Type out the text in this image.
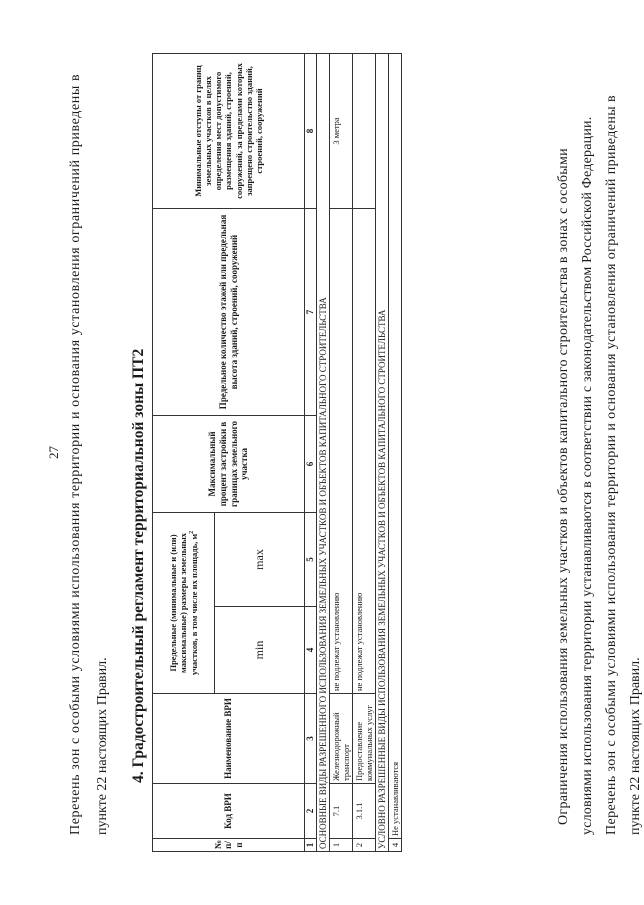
27 Перечень зон с особыми условиями использования территории и основания установления ограничений приведены в пункте 22 настоящих Правил. 4. Градостроительный регламент территориальной зоны ПТ2
№ п/п	Код ВРИ	Наименование ВРИ	Предельные (минимальные и (или) максимальные) размеры земельных участков, в том числе их площадь, $м^2$		Максимальный процент застройки в границах земельного участка	Предельное количество этажей или предельная высота зданий, строений, сооружений	Минимальные отступы от границ земельных участков в целях определения мест допустимого размещения зданий, строений, сооружений, за пределами которых запрещено строительство зданий, строений, сооружений
			min	max			
1	2	3	4	5	6	7	8
ОСНОВНЫЕ ВИДЫ РАЗРЕШЕННОГО ИСПОЛЬЗОВАНИЯ ЗЕМЕЛЬНЫХ УЧАСТКОВ И ОБЪЕКТОВ КАПИТАЛЬНОГО СТРОИТЕЛЬСТВА							
1	7.1	Железнодорожный транспорт	не подлежат установлению				3 метра
2	3.1.1	Предоставление коммунальных услуг	не подлежат установлению				
УСЛОВНО РАЗРЕШЕННЫЕ ВИДЫ ИСПОЛЬЗОВАНИЯ ЗЕМЕЛЬНЫХ УЧАСТКОВ И ОБЪЕКТОВ КАПИТАЛЬНОГО СТРОИТЕЛЬСТВА							
4	Не устанавливаются							Ограничения использования земельных участков и объектов капитального строительства в зонах с особыми условиями использования территории устанавливаются в соответствии с законодательством Российской Федерации. Перечень зон с особыми условиями использования территории и основания установления ограничений приведены в пункте 22 настоящих Правил.
